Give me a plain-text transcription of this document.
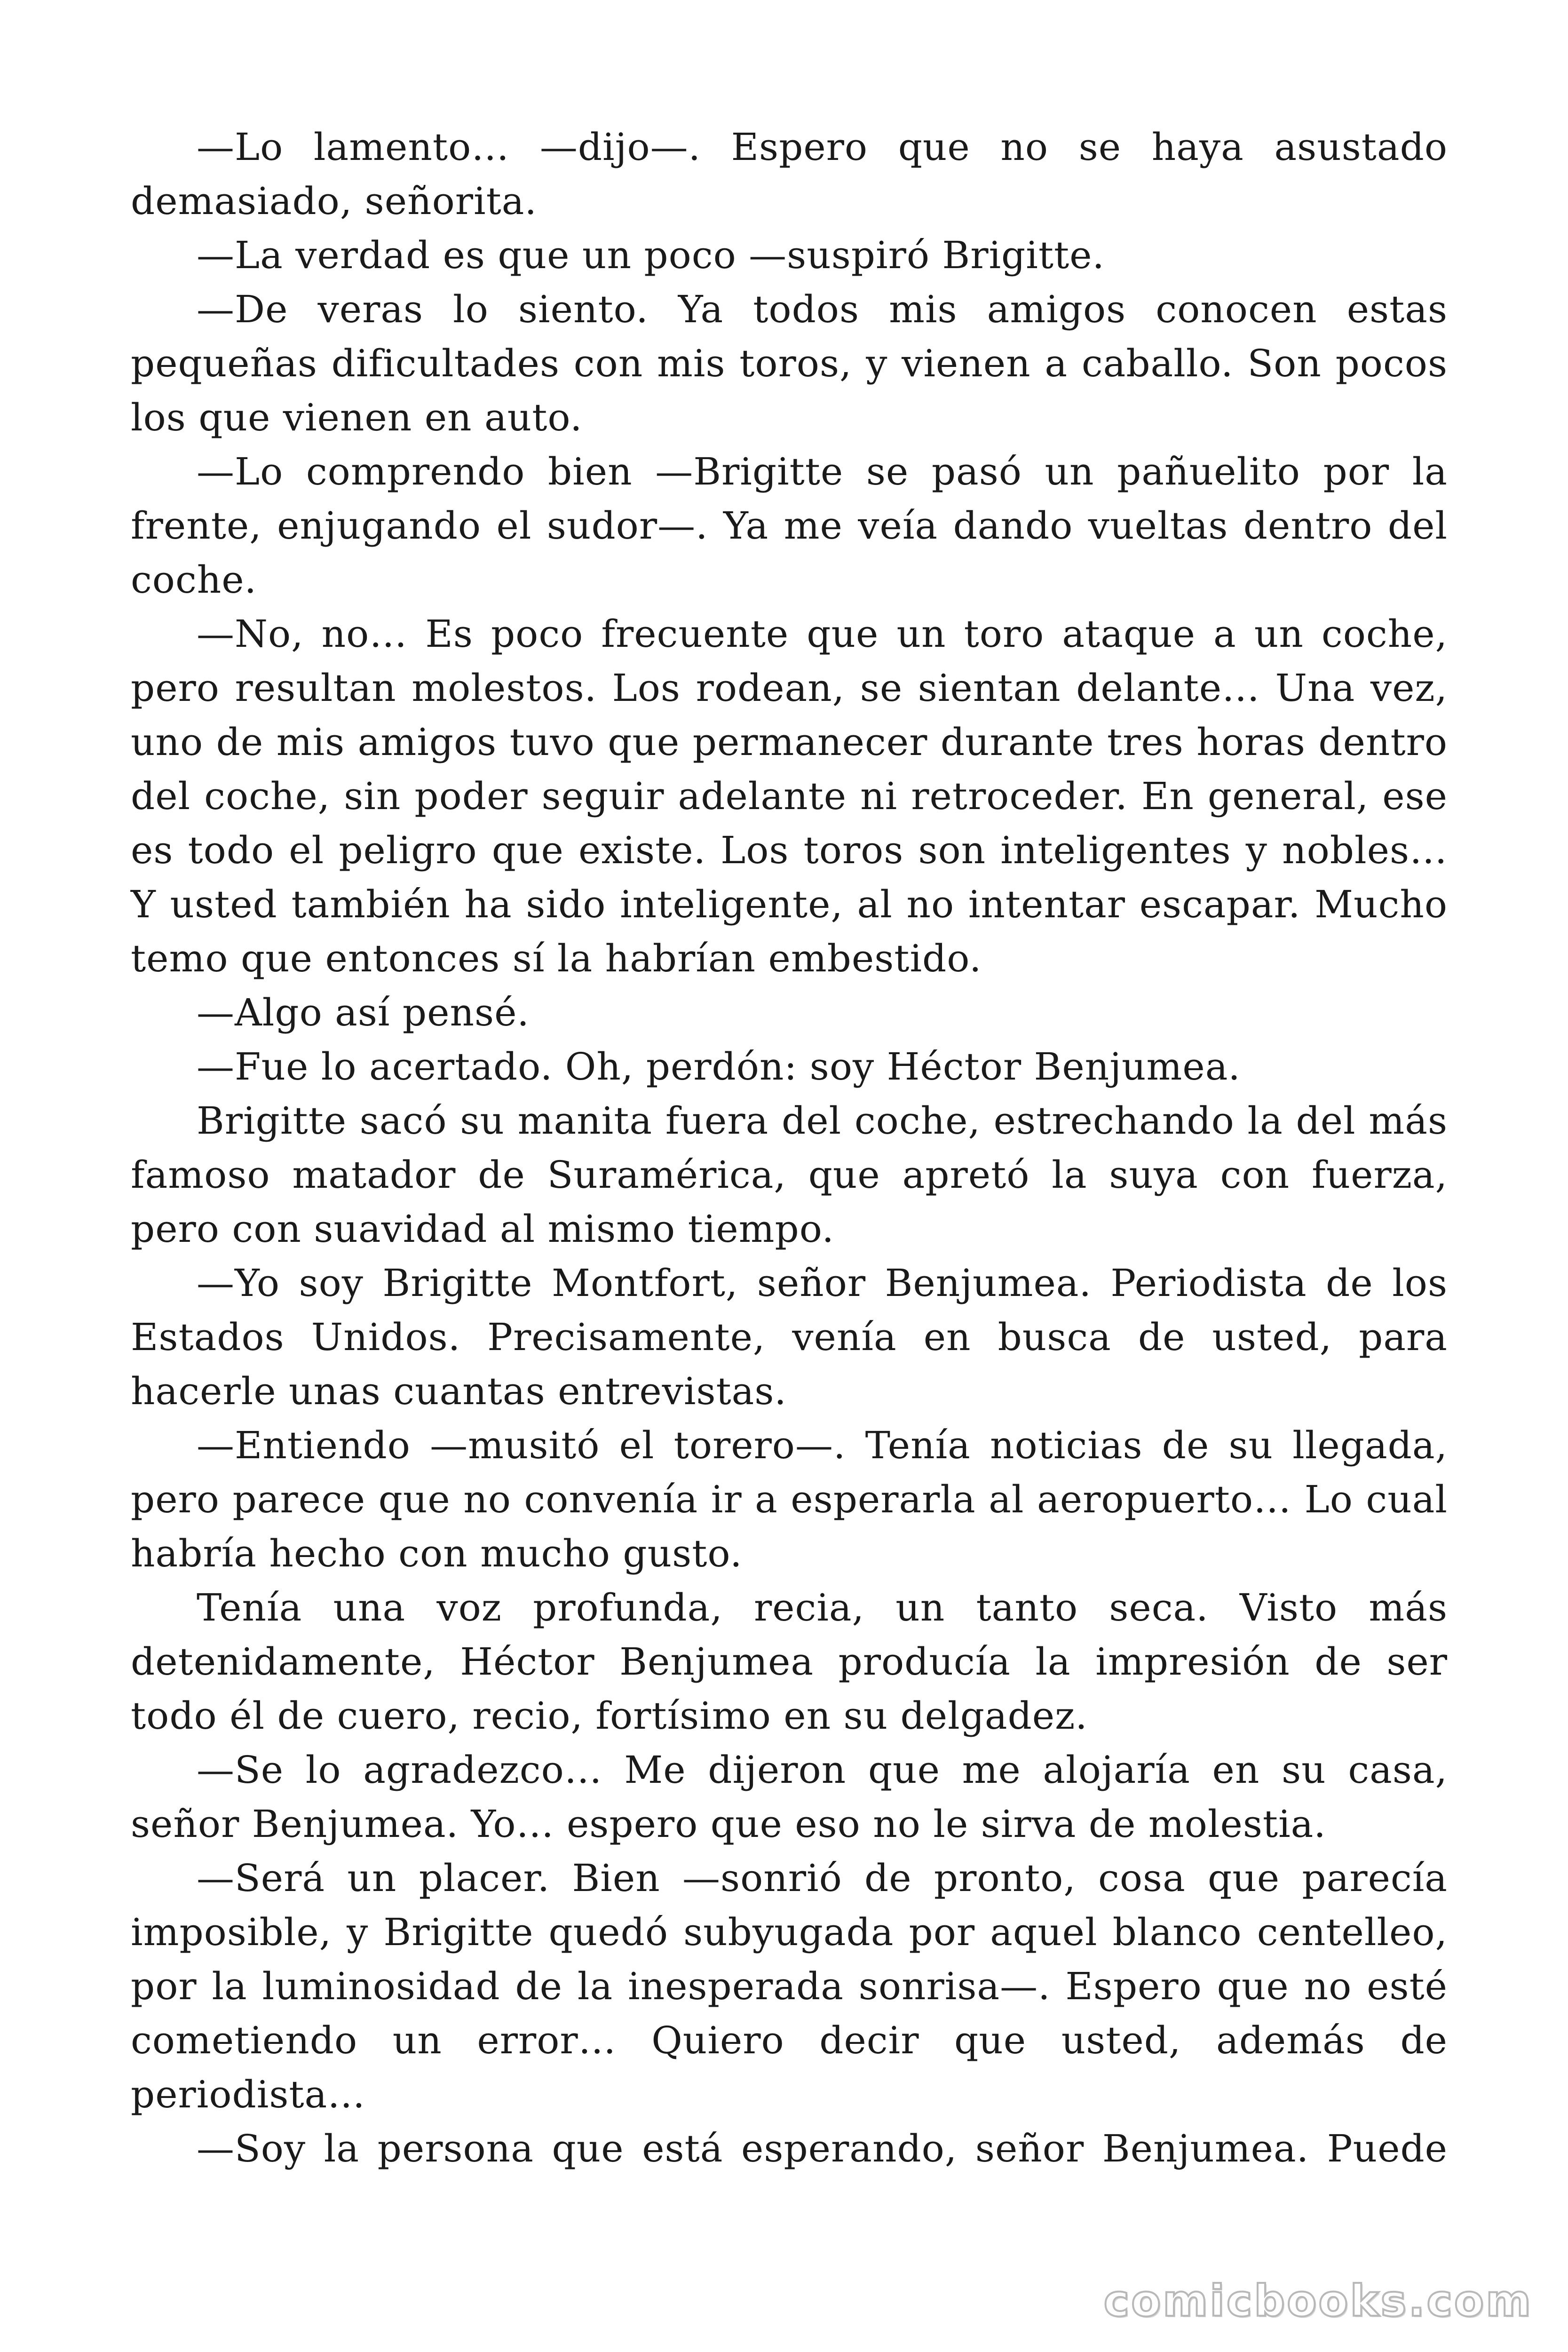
—Lo lamento… —dijo—. Espero que no se haya asustado demasiado, señorita.

—La verdad es que un poco —suspiró Brigitte.

—De veras lo siento. Ya todos mis amigos conocen estas pequeñas dificultades con mis toros, y vienen a caballo. Son pocos los que vienen en auto.

—Lo comprendo bien —Brigitte se pasó un pañuelito por la frente, enjugando el sudor—. Ya me veía dando vueltas dentro del coche.

—No, no… Es poco frecuente que un toro ataque a un coche, pero resultan molestos. Los rodean, se sientan delante… Una vez, uno de mis amigos tuvo que permanecer durante tres horas dentro del coche, sin poder seguir adelante ni retroceder. En general, ese es todo el peligro que existe. Los toros son inteligentes y nobles… Y usted también ha sido inteligente, al no intentar escapar. Mucho temo que entonces sí la habrían embestido.

—Algo así pensé.

—Fue lo acertado. Oh, perdón: soy Héctor Benjumea.

Brigitte sacó su manita fuera del coche, estrechando la del más famoso matador de Suramérica, que apretó la suya con fuerza, pero con suavidad al mismo tiempo.

—Yo soy Brigitte Montfort, señor Benjumea. Periodista de los Estados Unidos. Precisamente, venía en busca de usted, para hacerle unas cuantas entrevistas.

—Entiendo —musitó el torero—. Tenía noticias de su llegada, pero parece que no convenía ir a esperarla al aeropuerto… Lo cual habría hecho con mucho gusto.

Tenía una voz profunda, recia, un tanto seca. Visto más detenidamente, Héctor Benjumea producía la impresión de ser todo él de cuero, recio, fortísimo en su delgadez.

—Se lo agradezco… Me dijeron que me alojaría en su casa, señor Benjumea. Yo… espero que eso no le sirva de molestia.

—Será un placer. Bien —sonrió de pronto, cosa que parecía imposible, y Brigitte quedó subyugada por aquel blanco centelleo, por la luminosidad de la inesperada sonrisa—. Espero que no esté cometiendo un error… Quiero decir que usted, además de periodista…

—Soy la persona que está esperando, señor Benjumea. Puede

comicbooks.com
